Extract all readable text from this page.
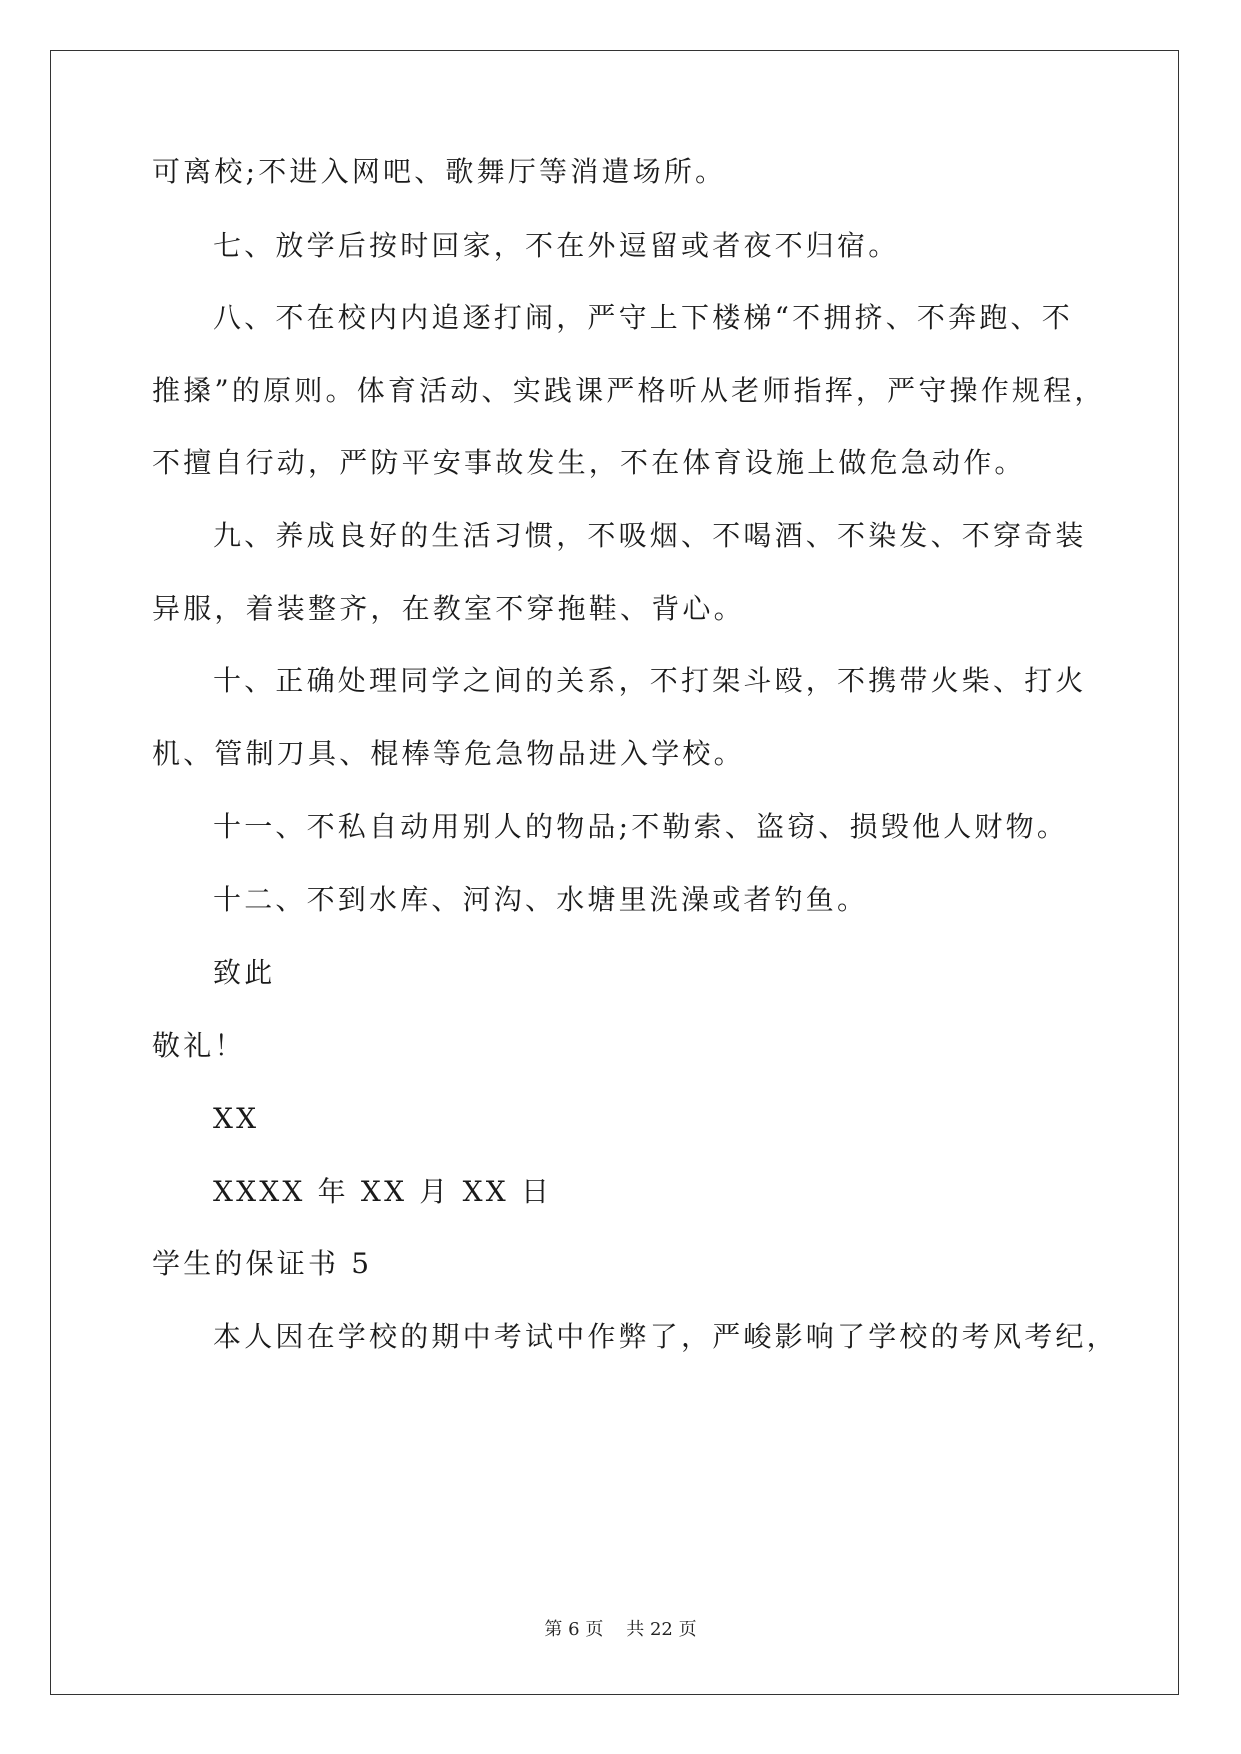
可离校;不进入网吧、歌舞厅等消遣场所。
七、放学后按时回家，不在外逗留或者夜不归宿。
八、不在校内内追逐打闹，严守上下楼梯“不拥挤、不奔跑、不
推搡”的原则。体育活动、实践课严格听从老师指挥，严守操作规程，
不擅自行动，严防平安事故发生，不在体育设施上做危急动作。
九、养成良好的生活习惯，不吸烟、不喝酒、不染发、不穿奇装
异服，着装整齐，在教室不穿拖鞋、背心。
十、正确处理同学之间的关系，不打架斗殴，不携带火柴、打火
机、管制刀具、棍棒等危急物品进入学校。
十一、不私自动用别人的物品;不勒索、盗窃、损毁他人财物。
十二、不到水库、河沟、水塘里洗澡或者钓鱼。
致此
敬礼！
XX
XXXX 年 XX 月 XX 日
学生的保证书 5
本人因在学校的期中考试中作弊了，严峻影响了学校的考风考纪，
第 6 页 共 22 页
